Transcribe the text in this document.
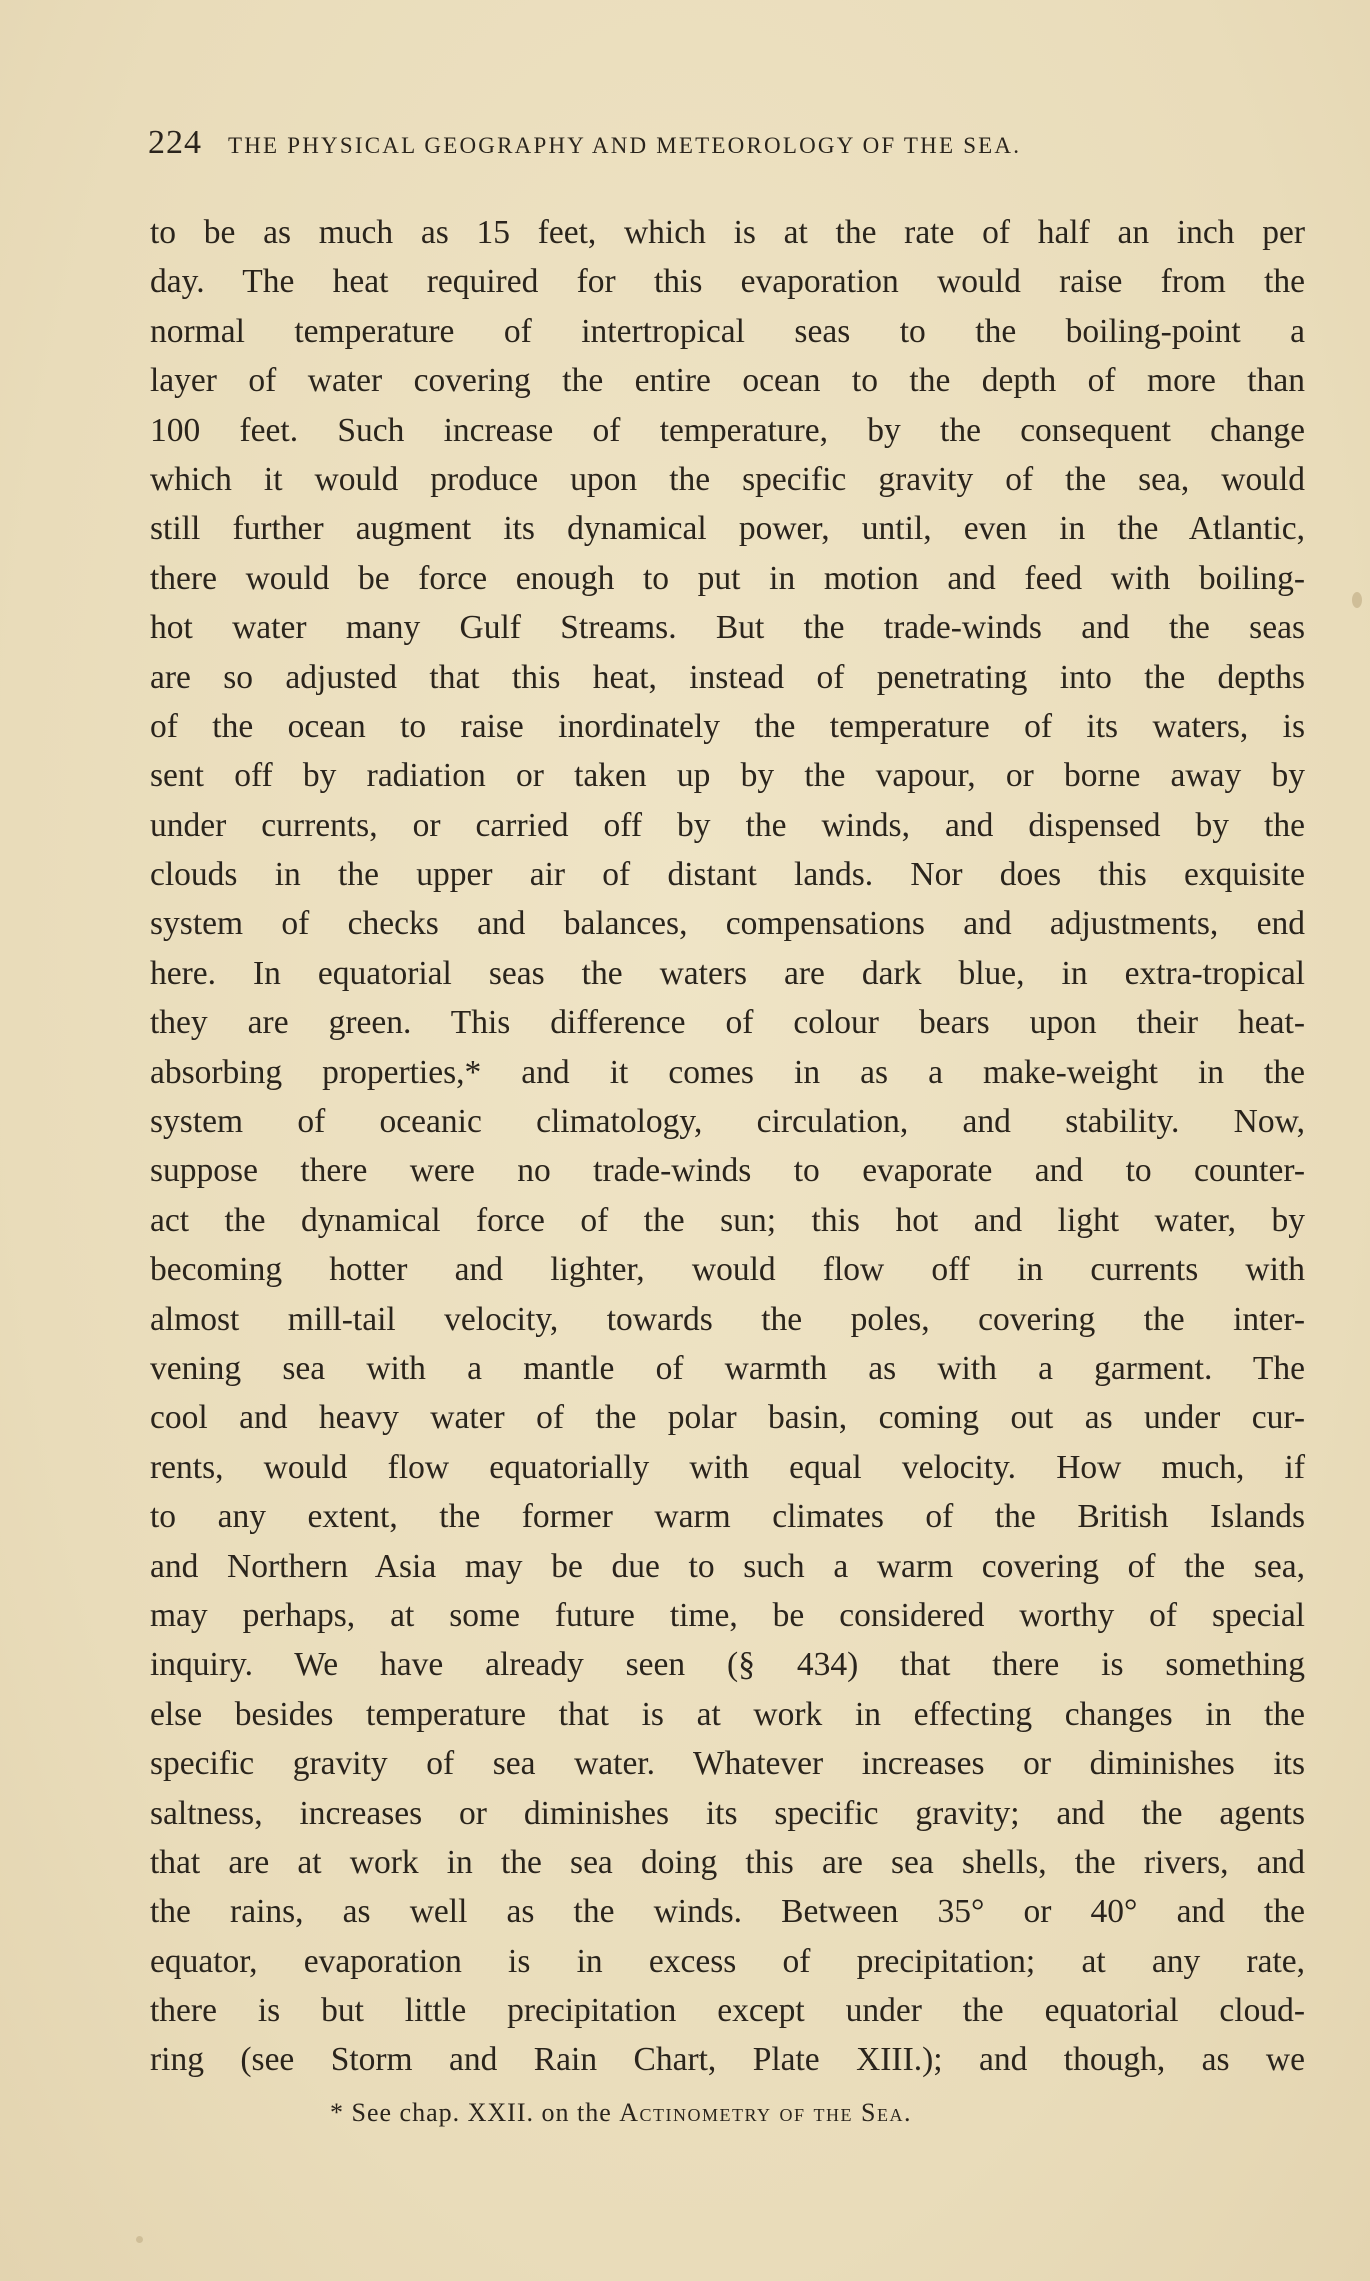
224 THE PHYSICAL GEOGRAPHY AND METEOROLOGY OF THE SEA.
to be as much as 15 feet, which is at the rate of half an inch per
day. The heat required for this evaporation would raise from the
normal temperature of intertropical seas to the boiling-point a
layer of water covering the entire ocean to the depth of more than
100 feet. Such increase of temperature, by the consequent change
which it would produce upon the specific gravity of the sea, would
still further augment its dynamical power, until, even in the Atlantic,
there would be force enough to put in motion and feed with boiling-
hot water many Gulf Streams. But the trade-winds and the seas
are so adjusted that this heat, instead of penetrating into the depths
of the ocean to raise inordinately the temperature of its waters, is
sent off by radiation or taken up by the vapour, or borne away by
under currents, or carried off by the winds, and dispensed by the
clouds in the upper air of distant lands. Nor does this exquisite
system of checks and balances, compensations and adjustments, end
here. In equatorial seas the waters are dark blue, in extra-tropical
they are green. This difference of colour bears upon their heat-
absorbing properties,* and it comes in as a make-weight in the
system of oceanic climatology, circulation, and stability. Now,
suppose there were no trade-winds to evaporate and to counter-
act the dynamical force of the sun; this hot and light water, by
becoming hotter and lighter, would flow off in currents with
almost mill-tail velocity, towards the poles, covering the inter-
vening sea with a mantle of warmth as with a garment. The
cool and heavy water of the polar basin, coming out as under cur-
rents, would flow equatorially with equal velocity. How much, if
to any extent, the former warm climates of the British Islands
and Northern Asia may be due to such a warm covering of the sea,
may perhaps, at some future time, be considered worthy of special
inquiry. We have already seen (§ 434) that there is something
else besides temperature that is at work in effecting changes in the
specific gravity of sea water. Whatever increases or diminishes its
saltness, increases or diminishes its specific gravity; and the agents
that are at work in the sea doing this are sea shells, the rivers, and
the rains, as well as the winds. Between 35° or 40° and the
equator, evaporation is in excess of precipitation; at any rate,
there is but little precipitation except under the equatorial cloud-
ring (see Storm and Rain Chart, Plate XIII.); and though, as we
* See chap. XXII. on the Actinometry of the Sea.
